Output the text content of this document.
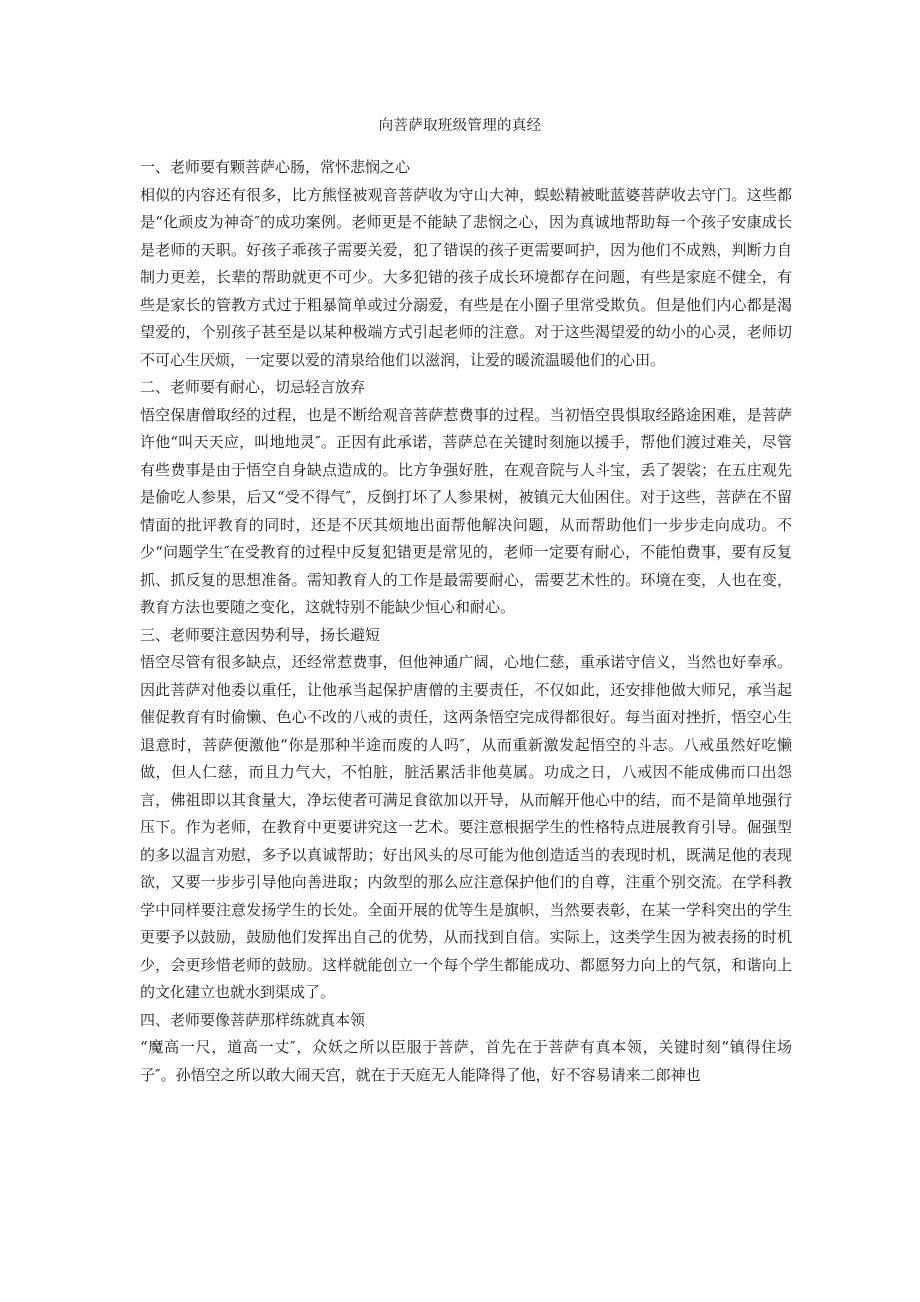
向菩萨取班级管理的真经

一、老师要有颗菩萨心肠，常怀悲悯之心

相似的内容还有很多，比方熊怪被观音菩萨收为守山大神，蜈蚣精被毗蓝婆菩萨收去守门。这些都是“化顽皮为神奇″的成功案例。老师更是不能缺了悲悯之心，因为真诚地帮助每一个孩子安康成长是老师的天职。好孩子乖孩子需要关爱，犯了错误的孩子更需要呵护，因为他们不成熟，判断力自制力更差，长辈的帮助就更不可少。大多犯错的孩子成长环境都存在问题，有些是家庭不健全，有些是家长的管教方式过于粗暴简单或过分溺爱，有些是在小圈子里常受欺负。但是他们内心都是渴望爱的，个别孩子甚至是以某种极端方式引起老师的注意。对于这些渴望爱的幼小的心灵，老师切不可心生厌烦，一定要以爱的清泉给他们以滋润，让爱的暖流温暖他们的心田。

二、老师要有耐心，切忌轻言放弃

悟空保唐僧取经的过程，也是不断给观音菩萨惹费事的过程。当初悟空畏惧取经路途困难，是菩萨许他“叫天天应，叫地地灵″。正因有此承诺，菩萨总在关键时刻施以援手，帮他们渡过难关，尽管有些费事是由于悟空自身缺点造成的。比方争强好胜，在观音院与人斗宝，丢了袈裟；在五庄观先是偷吃人参果，后又“受不得气″，反倒打坏了人参果树，被镇元大仙困住。对于这些，菩萨在不留情面的批评教育的同时，还是不厌其烦地出面帮他解决问题，从而帮助他们一步步走向成功。不少“问题学生″在受教育的过程中反复犯错更是常见的，老师一定要有耐心，不能怕费事，要有反复抓、抓反复的思想准备。需知教育人的工作是最需要耐心，需要艺术性的。环境在变，人也在变，教育方法也要随之变化，这就特别不能缺少恒心和耐心。

三、老师要注意因势利导，扬长避短

悟空尽管有很多缺点，还经常惹费事，但他神通广阔，心地仁慈，重承诺守信义，当然也好奉承。因此菩萨对他委以重任，让他承当起保护唐僧的主要责任，不仅如此，还安排他做大师兄，承当起催促教育有时偷懒、色心不改的八戒的责任，这两条悟空完成得都很好。每当面对挫折，悟空心生退意时，菩萨便激他“你是那种半途而废的人吗″，从而重新激发起悟空的斗志。八戒虽然好吃懒做，但人仁慈，而且力气大，不怕脏，脏活累活非他莫属。功成之日，八戒因不能成佛而口出怨言，佛祖即以其食量大，净坛使者可满足食欲加以开导，从而解开他心中的结，而不是简单地强行压下。作为老师，在教育中更要讲究这一艺术。要注意根据学生的性格特点进展教育引导。倔强型的多以温言劝慰，多予以真诚帮助；好出风头的尽可能为他创造适当的表现时机，既满足他的表现欲，又要一步步引导他向善进取；内敛型的那么应注意保护他们的自尊，注重个别交流。在学科教学中同样要注意发扬学生的长处。全面开展的优等生是旗帜，当然要表彰，在某一学科突出的学生更要予以鼓励，鼓励他们发挥出自己的优势，从而找到自信。实际上，这类学生因为被表扬的时机少，会更珍惜老师的鼓励。这样就能创立一个每个学生都能成功、都愿努力向上的气氛，和谐向上的文化建立也就水到渠成了。

四、老师要像菩萨那样练就真本领

“魔高一尺，道高一丈″，众妖之所以臣服于菩萨，首先在于菩萨有真本领，关键时刻“镇得住场子″。孙悟空之所以敢大闹天宫，就在于天庭无人能降得了他，好不容易请来二郎神也
